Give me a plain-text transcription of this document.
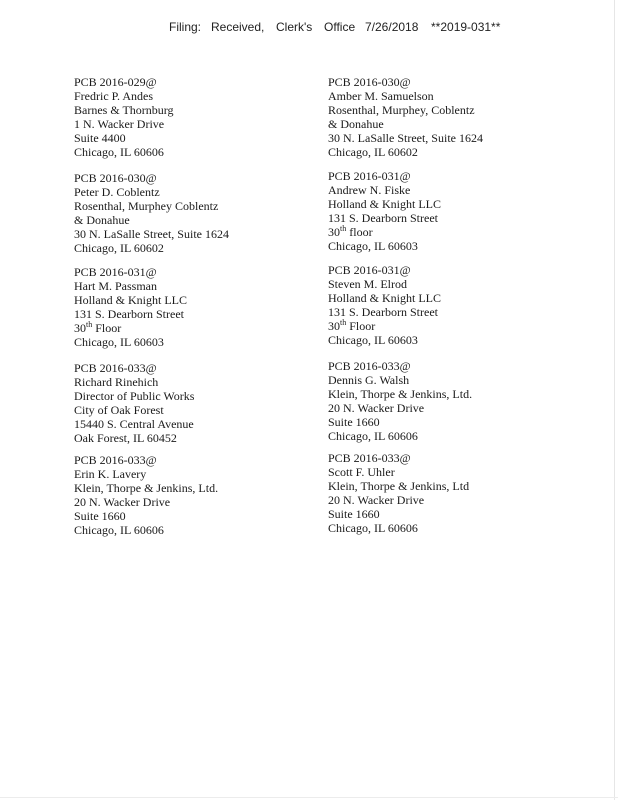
Filing: Received, Clerk's Office 7/26/2018 **2019-031**
PCB 2016-029@
Fredric P. Andes
Barnes & Thornburg
1 N. Wacker Drive
Suite 4400
Chicago, IL 60606
PCB 2016-030@
Peter D. Coblentz
Rosenthal, Murphey Coblentz
& Donahue
30 N. LaSalle Street, Suite 1624
Chicago, IL 60602
PCB 2016-031@
Hart M. Passman
Holland & Knight LLC
131 S. Dearborn Street
30th Floor
Chicago, IL 60603
PCB 2016-033@
Richard Rinehich
Director of Public Works
City of Oak Forest
15440 S. Central Avenue
Oak Forest, IL 60452
PCB 2016-033@
Erin K. Lavery
Klein, Thorpe & Jenkins, Ltd.
20 N. Wacker Drive
Suite 1660
Chicago, IL 60606
PCB 2016-030@
Amber M. Samuelson
Rosenthal, Murphey, Coblentz
& Donahue
30 N. LaSalle Street, Suite 1624
Chicago, IL 60602
PCB 2016-031@
Andrew N. Fiske
Holland & Knight LLC
131 S. Dearborn Street
30th floor
Chicago, IL 60603
PCB 2016-031@
Steven M. Elrod
Holland & Knight LLC
131 S. Dearborn Street
30th Floor
Chicago, IL 60603
PCB 2016-033@
Dennis G. Walsh
Klein, Thorpe & Jenkins, Ltd.
20 N. Wacker Drive
Suite 1660
Chicago, IL 60606
PCB 2016-033@
Scott F. Uhler
Klein, Thorpe & Jenkins, Ltd
20 N. Wacker Drive
Suite 1660
Chicago, IL 60606
